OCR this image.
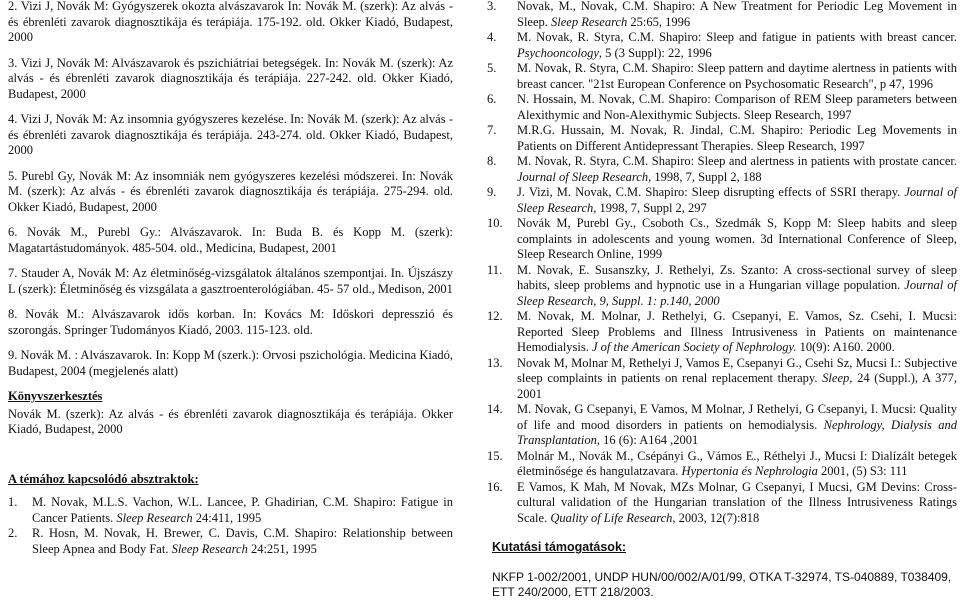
2. Vizi J, Novák M: Gyógyszerek okozta alvászavarok In: Novák M. (szerk): Az alvás - és ébrenléti zavarok diagnosztikája és terápiája. 175-192. old. Okker Kiadó, Budapest, 2000

3. Vizi J, Novák M: Alvászavarok és pszichiátriai betegségek. In: Novák M. (szerk): Az alvás - és ébrenléti zavarok diagnosztikája és terápiája. 227-242. old. Okker Kiadó, Budapest, 2000

4. Vizi J, Novák M: Az insomnia gyógyszeres kezelése. In: Novák M. (szerk): Az alvás - és ébrenléti zavarok diagnosztikája és terápiája. 243-274. old. Okker Kiadó, Budapest, 2000

5. Purebl Gy, Novák M: Az insomniák nem gyógyszeres kezelési módszerei. In: Novák M. (szerk): Az alvás - és ébrenléti zavarok diagnosztikája és terápiája. 275-294. old. Okker Kiadó, Budapest, 2000

6. Novák M., Purebl Gy.: Alvászavarok. In: Buda B. és Kopp M. (szerk): Magatartástudományok. 485-504. old., Medicina, Budapest, 2001

7. Stauder A, Novák M: Az életminőség-vizsgálatok általános szempontjai. In. Újszászy L (szerk): Életminőség és vizsgálata a gasztroenterológiában. 45- 57 old., Medison, 2001

8. Novák M.: Alvászavarok idős korban. In: Kovács M: Időskori depresszió és szorongás. Springer Tudományos Kiadó, 2003. 115-123. old.

9. Novák M. : Alvászavarok. In: Kopp M (szerk.): Orvosi pszichológia. Medicina Kiadó, Budapest, 2004 (megjelenés alatt)

Könyvszerkesztés

Novák M. (szerk): Az alvás - és ébrenléti zavarok diagnosztikája és terápiája. Okker Kiadó, Budapest, 2000

A témához kapcsolódó absztraktok:

1.	M. Novak, M.L.S. Vachon, W.L. Lancee, P. Ghadirian, C.M. Shapiro: Fatigue in Cancer Patients. Sleep Research 24:411, 1995
2.	R. Hosn, M. Novak, H. Brewer, C. Davis, C.M. Shapiro: Relationship between Sleep Apnea and Body Fat. Sleep Research 24:251, 1995
3.	Novak, M., Novak, C.M. Shapiro: A New Treatment for Periodic Leg Movement in Sleep. Sleep Research 25:65, 1996
4.	M. Novak, R. Styra, C.M. Shapiro: Sleep and fatigue in patients with breast cancer. Psychooncology, 5 (3 Suppl): 22, 1996
5.	M. Novak, R. Styra, C.M. Shapiro: Sleep pattern and daytime alertness in patients with breast cancer. "21st European Conference on Psychosomatic Research", p 47, 1996
6.	N. Hossain, M. Novak, C.M. Shapiro: Comparison of REM Sleep parameters between Alexithymic and Non-Alexithymic Subjects. Sleep Research, 1997
7.	M.R.G. Hussain, M. Novak, R. Jindal, C.M. Shapiro: Periodic Leg Movements in Patients on Different Antidepressant Therapies. Sleep Research, 1997
8.	M. Novak, R. Styra, C.M. Shapiro: Sleep and alertness in patients with prostate cancer. Journal of Sleep Research, 1998, 7, Suppl 2, 188
9.	J. Vizi, M. Novak, C.M. Shapiro: Sleep disrupting effects of SSRI therapy. Journal of Sleep Research, 1998, 7, Suppl 2, 297
10.	Novák M, Purebl Gy., Csoboth Cs., Szedmák S, Kopp M: Sleep habits and sleep complaints in adolescents and young women. 3d International Conference of Sleep, Sleep Research Online, 1999
11.	M. Novak, E. Susanszky, J. Rethelyi, Zs. Szanto: A cross-sectional survey of sleep habits, sleep problems and hypnotic use in a Hungarian village population. Journal of Sleep Research, 9, Suppl. 1: p.140, 2000
12.	M. Novak, M. Molnar, J. Rethelyi, G. Csepanyi, E. Vamos, Sz. Csehi, I. Mucsi: Reported Sleep Problems and Illness Intrusiveness in Patients on maintenance Hemodialysis. J of the American Society of Nephrology. 10(9): A160. 2000.
13.	Novak M, Molnar M, Rethelyi J, Vamos E, Csepanyi G., Csehi Sz, Mucsi I.: Subjective sleep complaints in patients on renal replacement therapy. Sleep, 24 (Suppl.), A 377, 2001
14.	M. Novak, G Csepanyi, E Vamos, M Molnar, J Rethelyi, G Csepanyi, I. Mucsi: Quality of life and mood disorders in patients on hemodialysis. Nephrology, Dialysis and Transplantation, 16 (6): A164 ,2001
15.	Molnár M., Novák M., Csépányi G., Vámos E., Réthelyi J., Mucsi I: Dialízált betegek életminősége és hangulatzavara. Hypertonia és Nephrologia 2001, (5) S3: 111
16.	E Vamos, K Mah, M Novak, MZs Molnar, G Csepanyi, I Mucsi, GM Devins: Cross-cultural validation of the Hungarian translation of the Illness Intrusiveness Ratings Scale. Quality of Life Research, 2003, 12(7):818

Kutatási támogatások:

NKFP 1-002/2001, UNDP HUN/00/002/A/01/99, OTKA T-32974, TS-040889, T038409, ETT 240/2000, ETT 218/2003.
